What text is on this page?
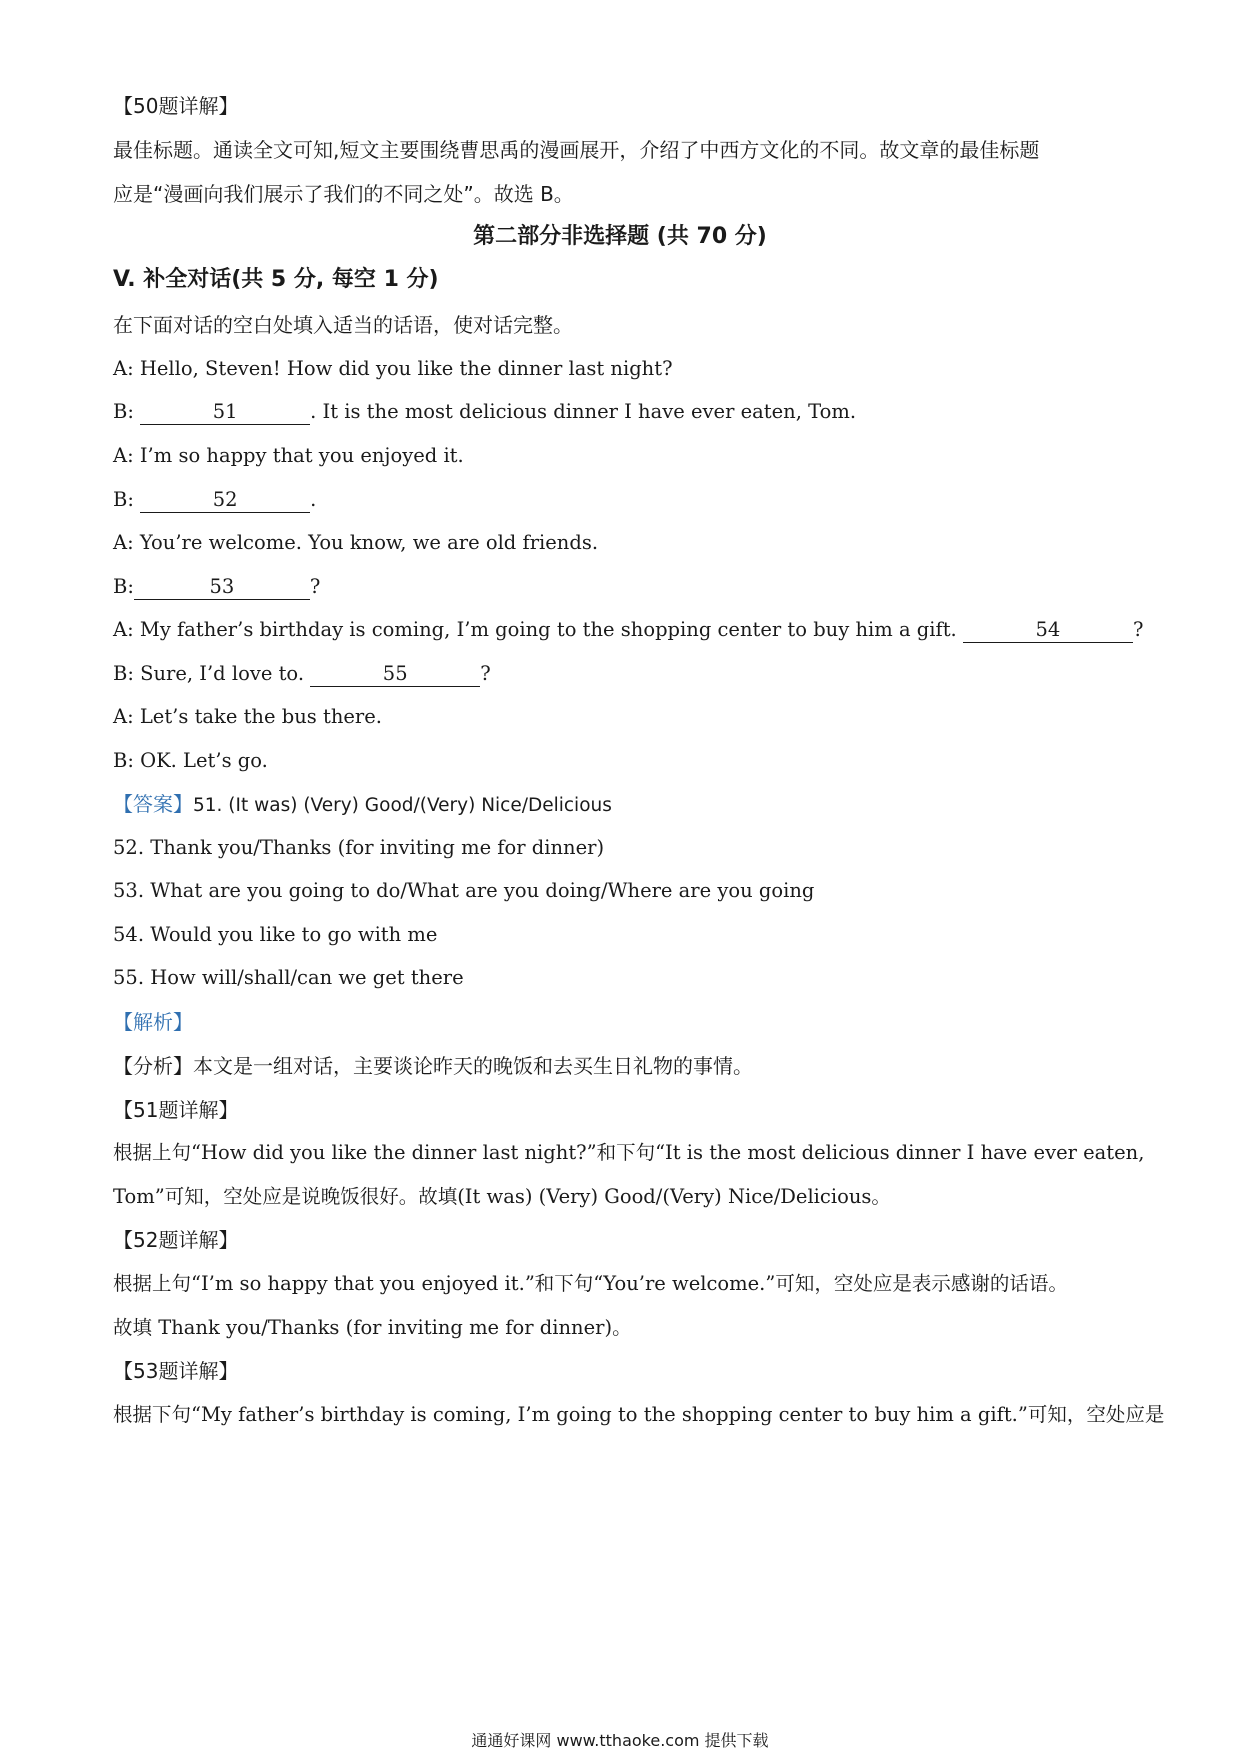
【50题详解】
最佳标题。通读全文可知,短文主要围绕曹思禹的漫画展开，介绍了中西方文化的不同。故文章的最佳标题
应是“漫画向我们展示了我们的不同之处”。故选 B。
第二部分非选择题 (共 70 分)
V. 补全对话(共 5 分, 每空 1 分)
在下面对话的空白处填入适当的话语，使对话完整。
A: Hello, Steven! How did you like the dinner last night?
B:	51	. It is the most delicious dinner I have ever eaten, Tom.
A: I’m so happy that you enjoyed it.
B:	52	.
A: You’re welcome. You know, we are old friends.
B:	53	?
A: My father’s birthday is coming, I’m going to the shopping center to buy him a gift.	54	?
B: Sure, I’d love to.	55	?
A: Let’s take the bus there.
B: OK. Let’s go.
【答案】51. (It was) (Very) Good/(Very) Nice/Delicious
52. Thank you/Thanks (for inviting me for dinner)
53. What are you going to do/What are you doing/Where are you going
54. Would you like to go with me
55. How will/shall/can we get there
【解析】
【分析】本文是一组对话，主要谈论昨天的晚饭和去买生日礼物的事情。
【51题详解】
根据上句“How did you like the dinner last night?”和下句“It is the most delicious dinner I have ever eaten,
Tom”可知，空处应是说晚饭很好。故填(It was) (Very) Good/(Very) Nice/Delicious。
【52题详解】
根据上句“I’m so happy that you enjoyed it.”和下句“You’re welcome.”可知，空处应是表示感谢的话语。
故填 Thank you/Thanks (for inviting me for dinner)。
【53题详解】
根据下句“My father’s birthday is coming, I’m going to the shopping center to buy him a gift.”可知，空处应是
通通好课网 www.tthaoke.com 提供下载
